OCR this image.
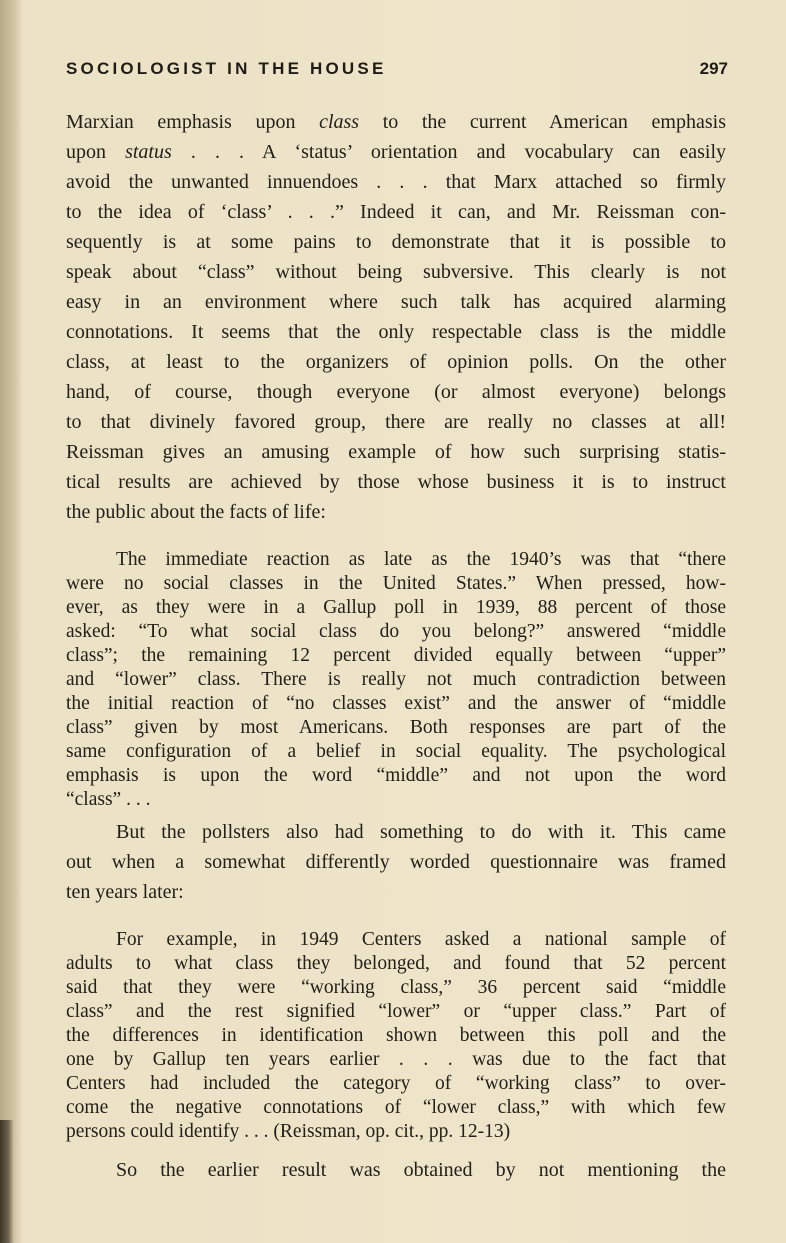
SOCIOLOGIST IN THE HOUSE	297
Marxian emphasis upon class to the current American emphasis
upon status . . . A ‘status’ orientation and vocabulary can easily
avoid the unwanted innuendoes . . . that Marx attached so firmly
to the idea of ‘class’ . . .” Indeed it can, and Mr. Reissman con-
sequently is at some pains to demonstrate that it is possible to
speak about “class” without being subversive. This clearly is not
easy in an environment where such talk has acquired alarming
connotations. It seems that the only respectable class is the middle
class, at least to the organizers of opinion polls. On the other
hand, of course, though everyone (or almost everyone) belongs
to that divinely favored group, there are really no classes at all!
Reissman gives an amusing example of how such surprising statis-
tical results are achieved by those whose business it is to instruct
the public about the facts of life:
The immediate reaction as late as the 1940’s was that “there
were no social classes in the United States.” When pressed, how-
ever, as they were in a Gallup poll in 1939, 88 percent of those
asked: “To what social class do you belong?” answered “middle
class”; the remaining 12 percent divided equally between “upper”
and “lower” class. There is really not much contradiction between
the initial reaction of “no classes exist” and the answer of “middle
class” given by most Americans. Both responses are part of the
same configuration of a belief in social equality. The psychological
emphasis is upon the word “middle” and not upon the word
“class” . . .
But the pollsters also had something to do with it. This came
out when a somewhat differently worded questionnaire was framed
ten years later:
For example, in 1949 Centers asked a national sample of
adults to what class they belonged, and found that 52 percent
said that they were “working class,” 36 percent said “middle
class” and the rest signified “lower” or “upper class.” Part of
the differences in identification shown between this poll and the
one by Gallup ten years earlier . . . was due to the fact that
Centers had included the category of “working class” to over-
come the negative connotations of “lower class,” with which few
persons could identify . . . (Reissman, op. cit., pp. 12-13)
So the earlier result was obtained by not mentioning the
